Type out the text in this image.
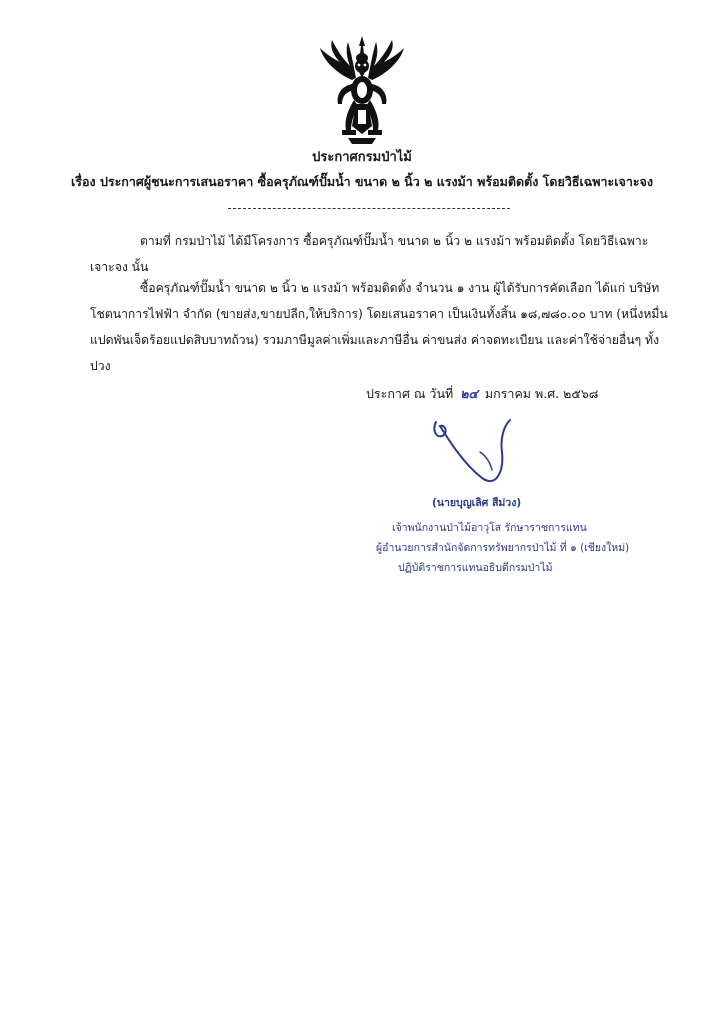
ประกาศกรมป่าไม้
เรื่อง ประกาศผู้ชนะการเสนอราคา ซื้อครุภัณฑ์ปั๊มน้ำ ขนาด ๒ นิ้ว ๒ แรงม้า พร้อมติดตั้ง โดยวิธีเฉพาะเจาะจง
ตามที่ กรมป่าไม้ ได้มีโครงการ ซื้อครุภัณฑ์ปั๊มน้ำ ขนาด ๒ นิ้ว ๒ แรงม้า พร้อมติดตั้ง โดยวิธีเฉพาะเจาะจง นั้น
ซื้อครุภัณฑ์ปั๊มน้ำ ขนาด ๒ นิ้ว ๒ แรงม้า พร้อมติดตั้ง จำนวน ๑ งาน ผู้ได้รับการคัดเลือก ได้แก่ บริษัท โชตนาการไฟฟ้า จำกัด (ขายส่ง,ขายปลีก,ให้บริการ) โดยเสนอราคา เป็นเงินทั้งสิ้น ๑๘,๗๘๐.๐๐ บาท (หนึ่งหมื่นแปดพันเจ็ดร้อยแปดสิบบาทถ้วน) รวมภาษีมูลค่าเพิ่มและภาษีอื่น ค่าขนส่ง ค่าจดทะเบียน และค่าใช้จ่ายอื่นๆ ทั้งปวง
ประกาศ ณ วันที่ ๒๔ มกราคม พ.ศ. ๒๕๖๘
(นายบุญเลิศ สีม่วง)
เจ้าพนักงานป่าไม้อาวุโส รักษาราชการแทน
ผู้อำนวยการสำนักจัดการทรัพยากรป่าไม้ ที่ ๑ (เชียงใหม่)
ปฏิบัติราชการแทนอธิบดีกรมป่าไม้
